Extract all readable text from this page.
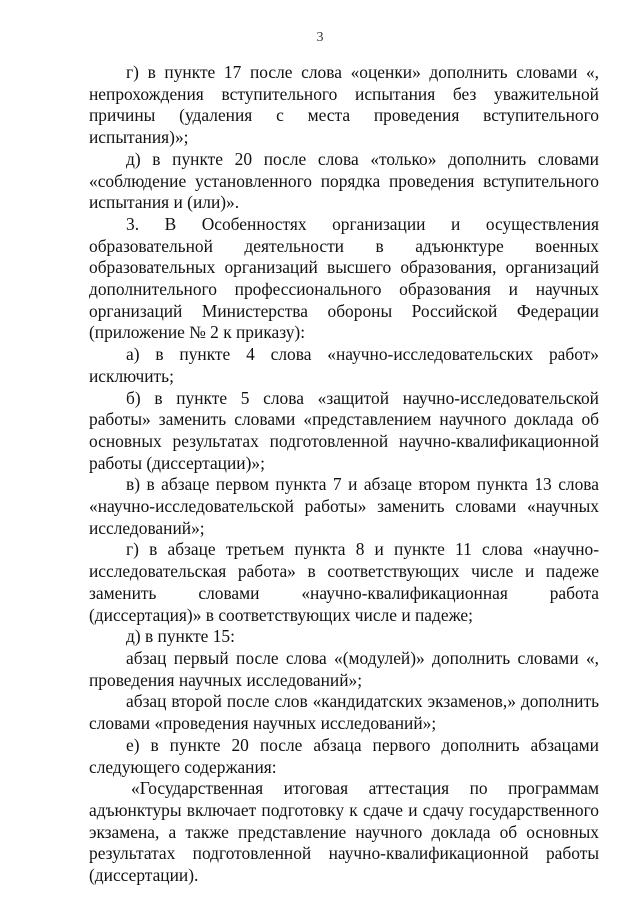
3

г) в пункте 17 после слова «оценки» дополнить словами «, непрохождения вступительного испытания без уважительной причины (удаления с места проведения вступительного испытания)»;

д) в пункте 20 после слова «только» дополнить словами «соблюдение установленного порядка проведения вступительного испытания и (или)».

3. В Особенностях организации и осуществления образовательной деятельности в адъюнктуре военных образовательных организаций высшего образования, организаций дополнительного профессионального образования и научных организаций Министерства обороны Российской Федерации (приложение № 2 к приказу):

а) в пункте 4 слова «научно-исследовательских работ» исключить;

б) в пункте 5 слова «защитой научно-исследовательской работы» заменить словами «представлением научного доклада об основных результатах подготовленной научно-квалификационной работы (диссертации)»;

в) в абзаце первом пункта 7 и абзаце втором пункта 13 слова «научно-исследовательской работы» заменить словами «научных исследований»;

г) в абзаце третьем пункта 8 и пункте 11 слова «научно-исследовательская работа» в соответствующих числе и падеже заменить словами «научно-квалификационная работа (диссертация)» в соответствующих числе и падеже;

д) в пункте 15:

абзац первый после слова «(модулей)» дополнить словами «, проведения научных исследований»;

абзац второй после слов «кандидатских экзаменов,» дополнить словами «проведения научных исследований»;

е) в пункте 20 после абзаца первого дополнить абзацами следующего содержания:

«Государственная итоговая аттестация по программам адъюнктуры включает подготовку к сдаче и сдачу государственного экзамена, а также представление научного доклада об основных результатах подготовленной научно-квалификационной работы (диссертации).
